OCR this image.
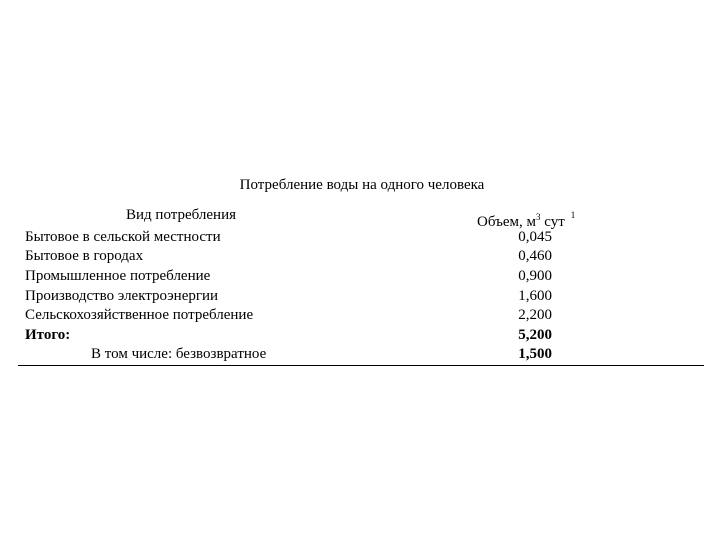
Потребление воды на одного человека
Вид потребления	Объем, $м^3$ сут $^1$
Бытовое в сельской местности	0,045
Бытовое в городах	0,460
Промышленное потребление	0,900
Производство электроэнергии	1,600
Сельскохозяйственное потребление	2,200
Итого:	5,200
В том числе: безвозвратное	1,500
